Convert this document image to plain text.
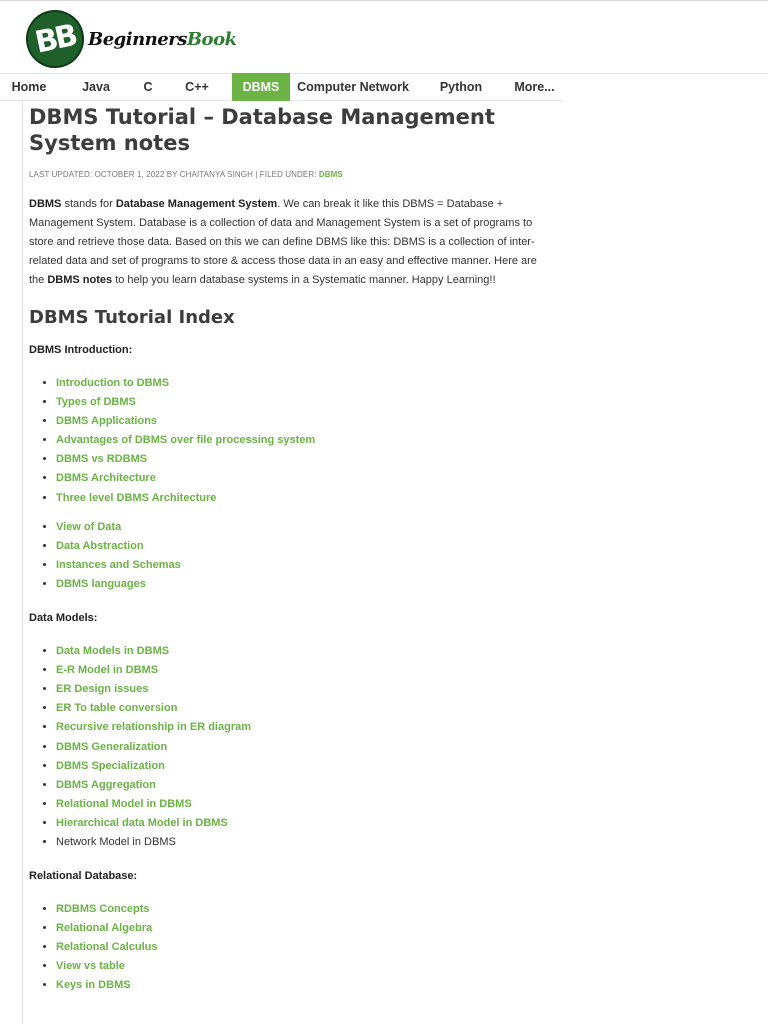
BB BeginnersBook
Home	Java	C	C++	DBMS	Computer Network	Python	More...
DBMS Tutorial – Database Management System notes
LAST UPDATED: OCTOBER 1, 2022 BY CHAITANYA SINGH | FILED UNDER: DBMS

DBMS stands for Database Management System. We can break it like this DBMS = Database + Management System. Database is a collection of data and Management System is a set of programs to store and retrieve those data. Based on this we can define DBMS like this: DBMS is a collection of inter-related data and set of programs to store & access those data in an easy and effective manner. Here are the DBMS notes to help you learn database systems in a Systematic manner. Happy Learning!!

DBMS Tutorial Index
DBMS Introduction:
• Introduction to DBMS
• Types of DBMS
• DBMS Applications
• Advantages of DBMS over file processing system
• DBMS vs RDBMS
• DBMS Architecture
• Three level DBMS Architecture
• View of Data
• Data Abstraction
• Instances and Schemas
• DBMS languages
Data Models:
• Data Models in DBMS
• E-R Model in DBMS
• ER Design issues
• ER To table conversion
• Recursive relationship in ER diagram
• DBMS Generalization
• DBMS Specialization
• DBMS Aggregation
• Relational Model in DBMS
• Hierarchical data Model in DBMS
• Network Model in DBMS
Relational Database:
• RDBMS Concepts
• Relational Algebra
• Relational Calculus
• View vs table
• Keys in DBMS
